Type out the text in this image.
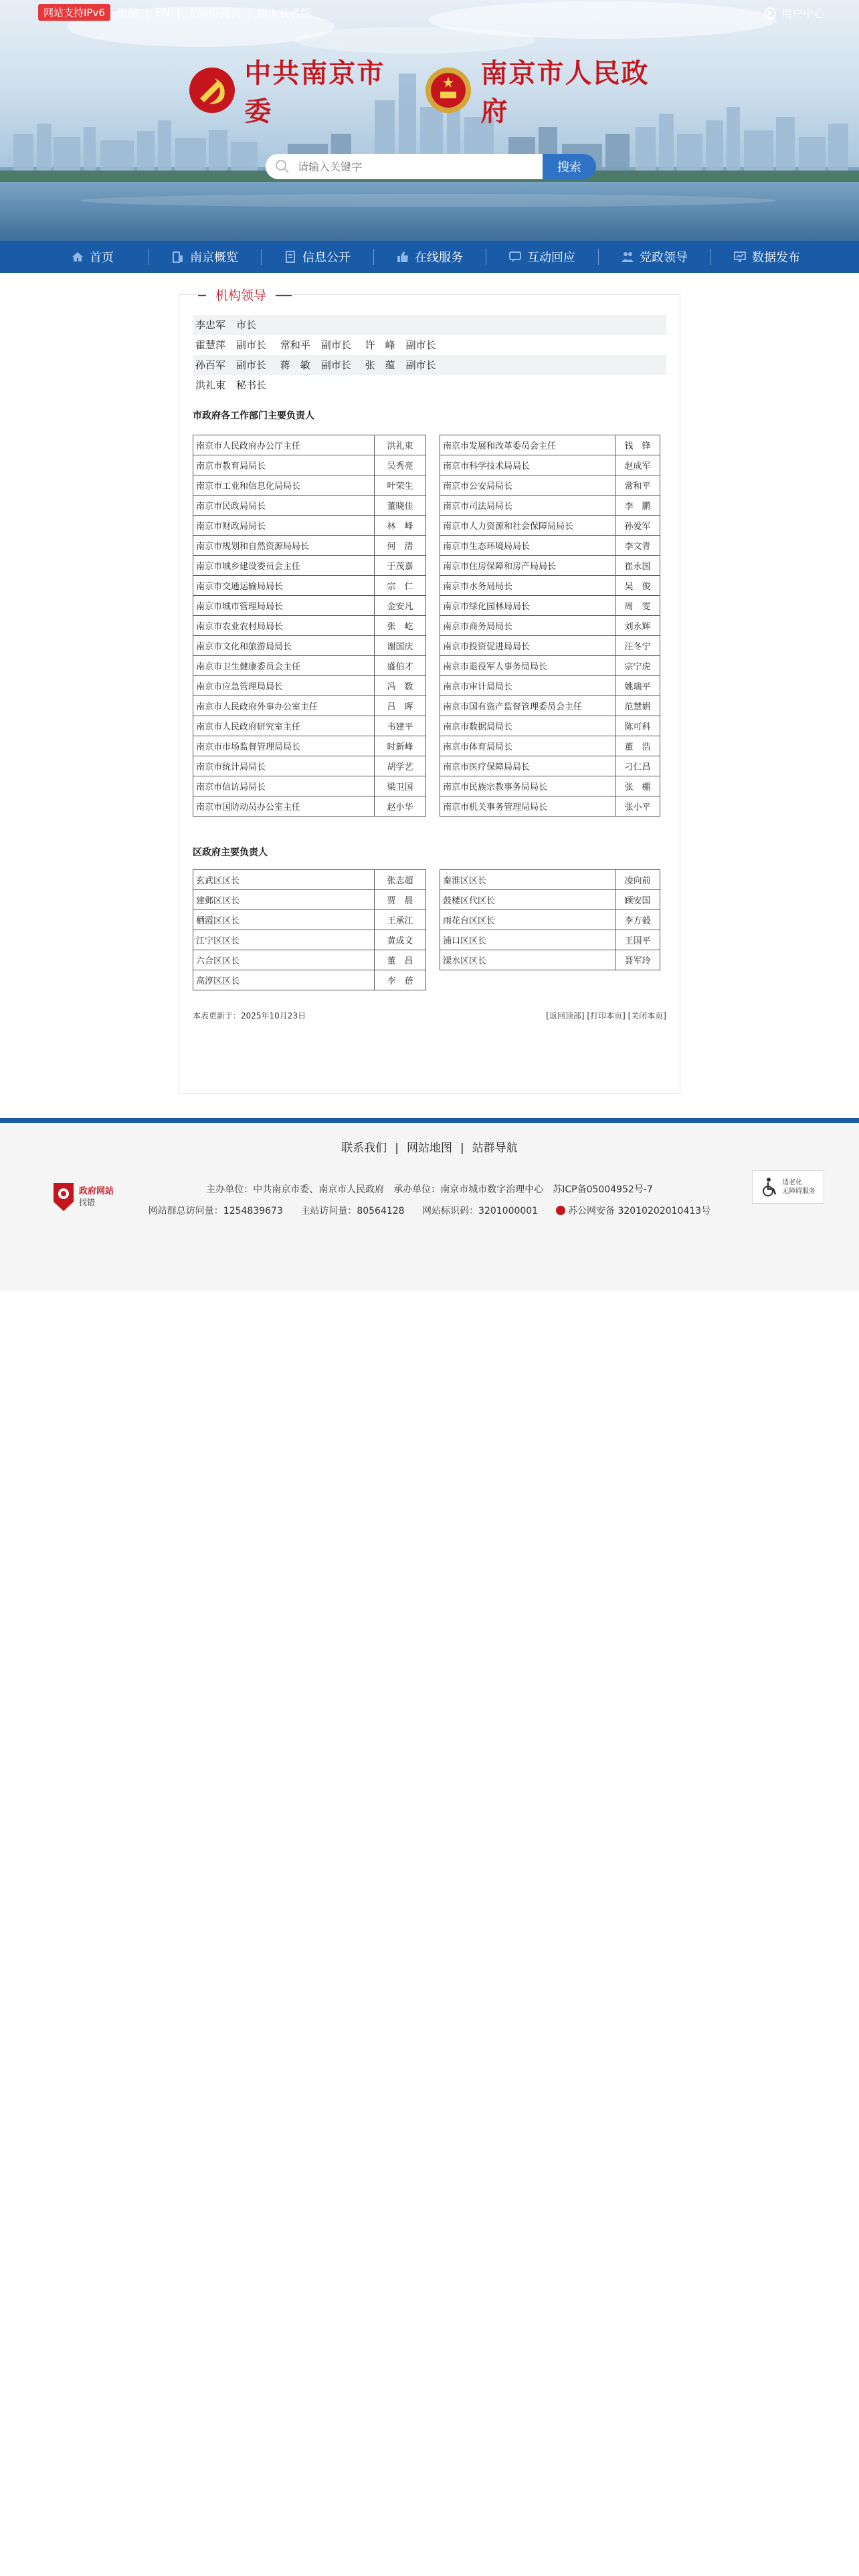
网站支持IPv6	繁體 | EN | 无障碍阅读 | 进入长者版	用户中心
中共南京市委
南京市人民政府
请输入关键字
搜索
首页	南京概览	信息公开	在线服务	互动回应	党政领导	数据发布
机构领导
李忠军 市长
霍慧萍 副市长 常和平 副市长 许　峰 副市长
孙百军 副市长 蒋　敏 副市长 张　蕴 副市长
洪礼束 秘书长
市政府各工作部门主要负责人
南京市人民政府办公厅主任	洪礼束
南京市教育局局长	吴秀亮
南京市工业和信息化局局长	叶荣生
南京市民政局局长	董晓佳
南京市财政局局长	林　峰
南京市规划和自然资源局局长	何　清
南京市城乡建设委员会主任	于茂嘉
南京市交通运输局局长	宗　仁
南京市城市管理局局长	金安凡
南京市农业农村局局长	张　屹
南京市文化和旅游局局长	谢国庆
南京市卫生健康委员会主任	盛伯才
南京市应急管理局局长	冯　数
南京市人民政府外事办公室主任	吕　晖
南京市人民政府研究室主任	韦建平
南京市市场监督管理局局长	时新峰
南京市统计局局长	胡学艺
南京市信访局局长	梁卫国
南京市国防动员办公室主任	赵小华
南京市发展和改革委员会主任	钱　锋
南京市科学技术局局长	赵成军
南京市公安局局长	常和平
南京市司法局局长	李　鹏
南京市人力资源和社会保障局局长	孙爱军
南京市生态环境局局长	李文青
南京市住房保障和房产局局长	崔永国
南京市水务局局长	吴　俊
南京市绿化园林局局长	周　雯
南京市商务局局长	刘永辉
南京市投资促进局局长	汪冬宁
南京市退役军人事务局局长	宗宁虎
南京市审计局局长	姚瑞平
南京市国有资产监督管理委员会主任	范慧娟
南京市数据局局长	陈可科
南京市体育局局长	董　浩
南京市医疗保障局局长	刁仁昌
南京市民族宗教事务局局长	张　棚
南京市机关事务管理局局长	张小平
区政府主要负责人
玄武区区长	张志超
建邺区区长	贾　晨
栖霞区区长	王承江
江宁区区长	黄成文
六合区区长	董　昌
高淳区区长	李　蓓
秦淮区区长	凌向前
鼓楼区代区长	顾安国
雨花台区区长	李方毅
浦口区区长	王国平
溧水区区长	聂军玲
本表更新于：2025年10月23日	[返回顶部] [打印本页] [关闭本页]
联系我们 | 网站地图 | 站群导航
政府网站
找错
主办单位：中共南京市委、南京市人民政府　承办单位：南京市城市数字治理中心　苏ICP备05004952号-7
网站群总访问量：1254839673 主站访问量：80564128 网站标识码：3201000001	苏公网安备 32010202010413号
适老化
无障碍服务
